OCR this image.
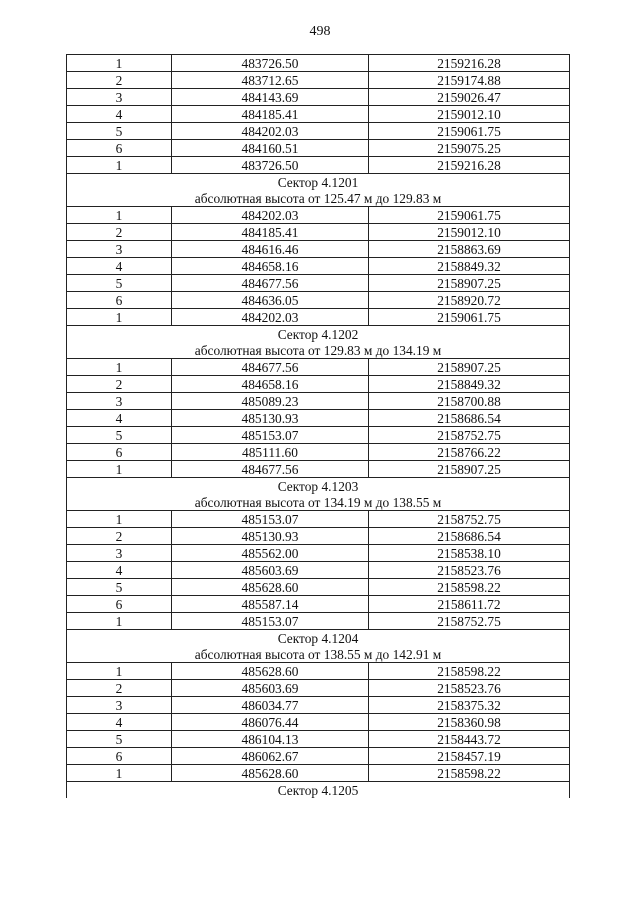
498
1	483726.50	2159216.28
2	483712.65	2159174.88
3	484143.69	2159026.47
4	484185.41	2159012.10
5	484202.03	2159061.75
6	484160.51	2159075.25
1	483726.50	2159216.28
Сектор 4.1201		
абсолютная высота от 125.47 м до 129.83 м		
1	484202.03	2159061.75
2	484185.41	2159012.10
3	484616.46	2158863.69
4	484658.16	2158849.32
5	484677.56	2158907.25
6	484636.05	2158920.72
1	484202.03	2159061.75
Сектор 4.1202		
абсолютная высота от 129.83 м до 134.19 м		
1	484677.56	2158907.25
2	484658.16	2158849.32
3	485089.23	2158700.88
4	485130.93	2158686.54
5	485153.07	2158752.75
6	485111.60	2158766.22
1	484677.56	2158907.25
Сектор 4.1203		
абсолютная высота от 134.19 м до 138.55 м		
1	485153.07	2158752.75
2	485130.93	2158686.54
3	485562.00	2158538.10
4	485603.69	2158523.76
5	485628.60	2158598.22
6	485587.14	2158611.72
1	485153.07	2158752.75
Сектор 4.1204		
абсолютная высота от 138.55 м до 142.91 м		
1	485628.60	2158598.22
2	485603.69	2158523.76
3	486034.77	2158375.32
4	486076.44	2158360.98
5	486104.13	2158443.72
6	486062.67	2158457.19
1	485628.60	2158598.22
Сектор 4.1205		
